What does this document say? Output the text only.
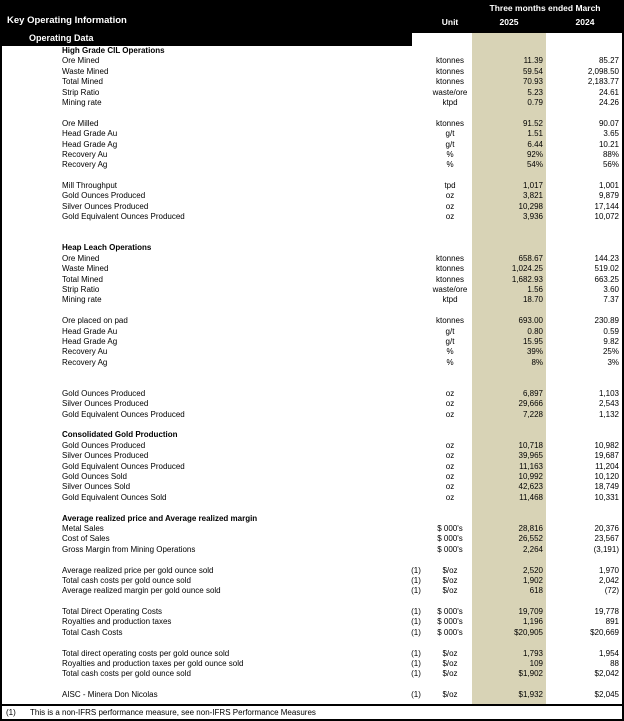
Three months ended March
Key Operating Information	Unit	2025	2024
Operating Data
High Grade CIL Operations
Ore Mined	ktonnes	11.39	85.27
Waste Mined	ktonnes	59.54	2,098.50
Total Mined	ktonnes	70.93	2,183.77
Strip Ratio	waste/ore	5.23	24.61
Mining rate	ktpd	0.79	24.26
Ore Milled	ktonnes	91.52	90.07
Head Grade Au	g/t	1.51	3.65
Head Grade Ag	g/t	6.44	10.21
Recovery Au	%	92%	88%
Recovery Ag	%	54%	56%
Mill Throughput	tpd	1,017	1,001
Gold Ounces Produced	oz	3,821	9,879
Silver Ounces Produced	oz	10,298	17,144
Gold Equivalent Ounces Produced	oz	3,936	10,072
Heap Leach Operations
Ore Mined	ktonnes	658.67	144.23
Waste Mined	ktonnes	1,024.25	519.02
Total Mined	ktonnes	1,682.93	663.25
Strip Ratio	waste/ore	1.56	3.60
Mining rate	ktpd	18.70	7.37
Ore placed on pad	ktonnes	693.00	230.89
Head Grade Au	g/t	0.80	0.59
Head Grade Ag	g/t	15.95	9.82
Recovery Au	%	39%	25%
Recovery Ag	%	8%	3%
Gold Ounces Produced	oz	6,897	1,103
Silver Ounces Produced	oz	29,666	2,543
Gold Equivalent Ounces Produced	oz	7,228	1,132
Consolidated Gold Production
Gold Ounces Produced	oz	10,718	10,982
Silver Ounces Produced	oz	39,965	19,687
Gold Equivalent Ounces Produced	oz	11,163	11,204
Gold Ounces Sold	oz	10,992	10,120
Silver Ounces Sold	oz	42,623	18,749
Gold Equivalent Ounces Sold	oz	11,468	10,331
Average realized price and Average realized margin
Metal Sales	$ 000's	28,816	20,376
Cost of Sales	$ 000's	26,552	23,567
Gross Margin from Mining Operations	$ 000's	2,264	(3,191)
Average realized price per gold ounce sold	(1)	$/oz	2,520	1,970
Total cash costs per gold ounce sold	(1)	$/oz	1,902	2,042
Average realized margin per gold ounce sold	(1)	$/oz	618	(72)
Total Direct Operating Costs	(1)	$ 000's	19,709	19,778
Royalties and production taxes	(1)	$ 000's	1,196	891
Total Cash Costs	(1)	$ 000's	$20,905	$20,669
Total direct operating costs per gold ounce sold	(1)	$/oz	1,793	1,954
Royalties and production taxes per gold ounce sold	(1)	$/oz	109	88
Total cash costs per gold ounce sold	(1)	$/oz	$1,902	$2,042
AISC - Minera Don Nicolas	(1)	$/oz	$1,932	$2,045
(1)	This is a non-IFRS performance measure, see non-IFRS Performance Measures
